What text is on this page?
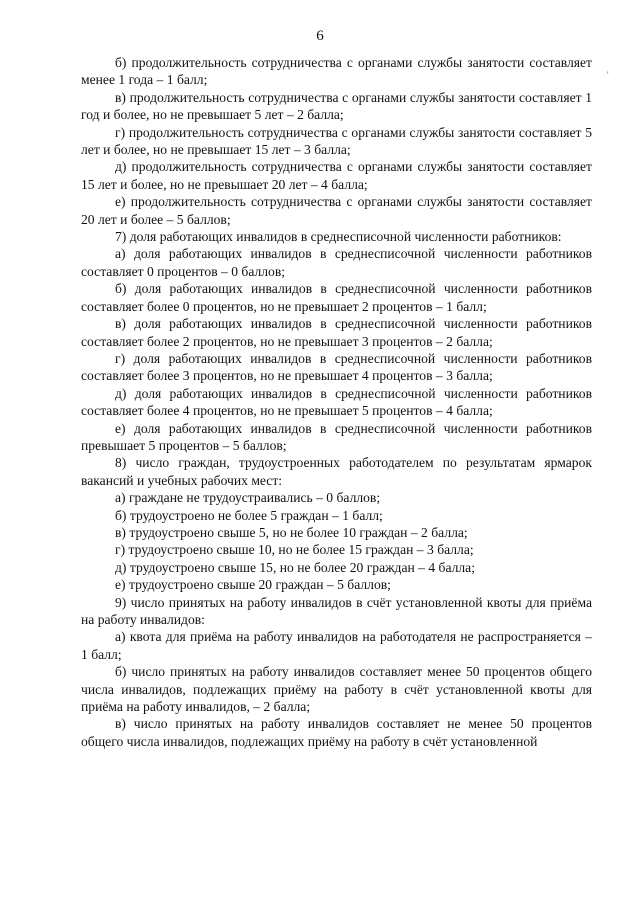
6
'

б) продолжительность сотрудничества с органами службы занятости составляет менее 1 года – 1 балл;

в) продолжительность сотрудничества с органами службы занятости составляет 1 год и более, но не превышает 5 лет – 2 балла;

г) продолжительность сотрудничества с органами службы занятости составляет 5 лет и более, но не превышает 15 лет – 3 балла;

д) продолжительность сотрудничества с органами службы занятости составляет 15 лет и более, но не превышает 20 лет – 4 балла;

е) продолжительность сотрудничества с органами службы занятости составляет 20 лет и более – 5 баллов;

7) доля работающих инвалидов в среднесписочной численности работников:

а) доля работающих инвалидов в среднесписочной численности работников составляет 0 процентов – 0 баллов;

б) доля работающих инвалидов в среднесписочной численности работников составляет более 0 процентов, но не превышает 2 процентов – 1 балл;

в) доля работающих инвалидов в среднесписочной численности работников составляет более 2 процентов, но не превышает 3 процентов – 2 балла;

г) доля работающих инвалидов в среднесписочной численности работников составляет более 3 процентов, но не превышает 4 процентов – 3 балла;

д) доля работающих инвалидов в среднесписочной численности работников составляет более 4 процентов, но не превышает 5 процентов – 4 балла;

е) доля работающих инвалидов в среднесписочной численности работников превышает 5 процентов – 5 баллов;

8) число граждан, трудоустроенных работодателем по результатам ярмарок вакансий и учебных рабочих мест:

а) граждане не трудоустраивались – 0 баллов;

б) трудоустроено не более 5 граждан – 1 балл;

в) трудоустроено свыше 5, но не более 10 граждан – 2 балла;

г) трудоустроено свыше 10, но не более 15 граждан – 3 балла;

д) трудоустроено свыше 15, но не более 20 граждан – 4 балла;

е) трудоустроено свыше 20 граждан – 5 баллов;

9) число принятых на работу инвалидов в счёт установленной квоты для приёма на работу инвалидов:

а) квота для приёма на работу инвалидов на работодателя не распространяется – 1 балл;

б) число принятых на работу инвалидов составляет менее 50 процентов общего числа инвалидов, подлежащих приёму на работу в счёт установленной квоты для приёма на работу инвалидов, – 2 балла;

в) число принятых на работу инвалидов составляет не менее 50 процентов общего числа инвалидов, подлежащих приёму на работу в счёт установленной
